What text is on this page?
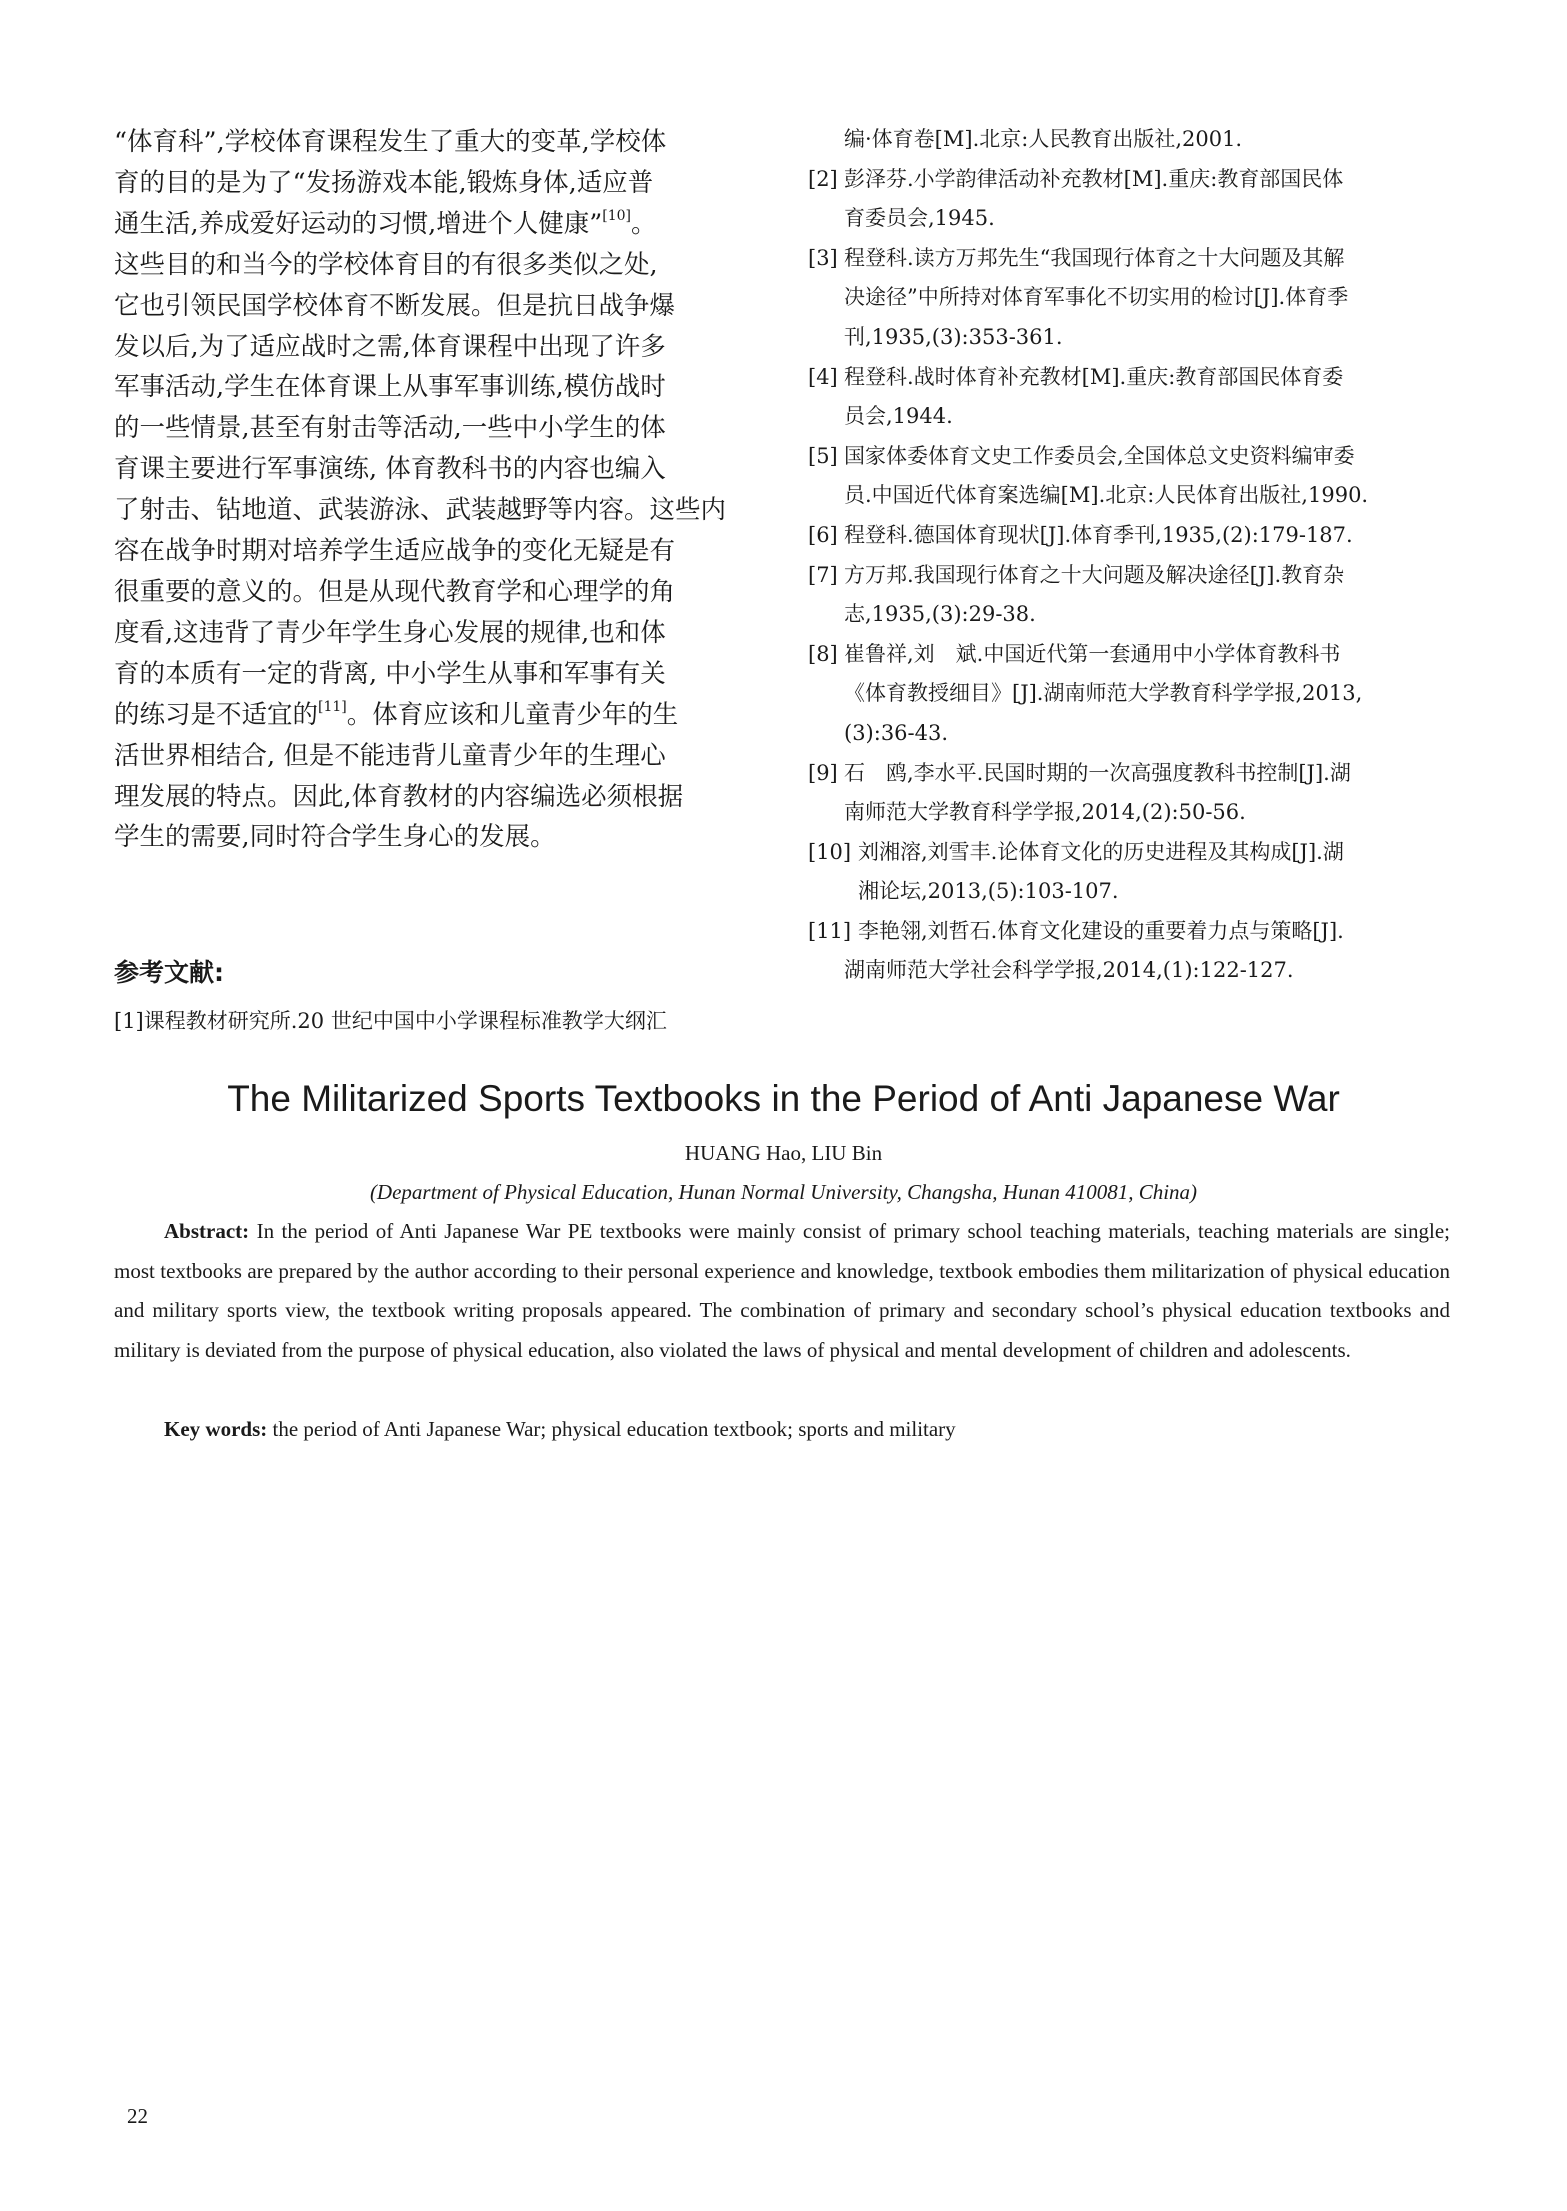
“体育科”,学校体育课程发生了重大的变革,学校体

育的目的是为了“发扬游戏本能,锻炼身体,适应普

通生活,养成爱好运动的习惯,增进个人健康”[10]。

这些目的和当今的学校体育目的有很多类似之处,

它也引领民国学校体育不断发展。但是抗日战争爆

发以后,为了适应战时之需,体育课程中出现了许多

军事活动,学生在体育课上从事军事训练,模仿战时

的一些情景,甚至有射击等活动,一些中小学生的体

育课主要进行军事演练, 体育教科书的内容也编入

了射击、钻地道、武装游泳、武装越野等内容。这些内

容在战争时期对培养学生适应战争的变化无疑是有

很重要的意义的。但是从现代教育学和心理学的角

度看,这违背了青少年学生身心发展的规律,也和体

育的本质有一定的背离, 中小学生从事和军事有关

的练习是不适宜的[11]。体育应该和儿童青少年的生

活世界相结合, 但是不能违背儿童青少年的生理心

理发展的特点。因此,体育教材的内容编选必须根据

学生的需要,同时符合学生身心的发展。

参考文献:
[1]课程教材研究所.20 世纪中国中小学课程标准教学大纲汇
编·体育卷[M].北京:人民教育出版社,2001.
[2] 彭泽芬.小学韵律活动补充教材[M].重庆:教育部国民体
育委员会,1945.
[3] 程登科.读方万邦先生“我国现行体育之十大问题及其解
决途径”中所持对体育军事化不切实用的检讨[J].体育季
刊,1935,(3):353-361.
[4] 程登科.战时体育补充教材[M].重庆:教育部国民体育委
员会,1944.
[5] 国家体委体育文史工作委员会,全国体总文史资料编审委
员.中国近代体育案选编[M].北京:人民体育出版社,1990.
[6] 程登科.德国体育现状[J].体育季刊,1935,(2):179-187.
[7] 方万邦.我国现行体育之十大问题及解决途径[J].教育杂
志,1935,(3):29-38.
[8] 崔鲁祥,刘　斌.中国近代第一套通用中小学体育教科书
《体育教授细目》[J].湖南师范大学教育科学学报,2013,
(3):36-43.
[9] 石　鸥,李水平.民国时期的一次高强度教科书控制[J].湖
南师范大学教育科学学报,2014,(2):50-56.
[10] 刘湘溶,刘雪丰.论体育文化的历史进程及其构成[J].湖
湘论坛,2013,(5):103-107.
[11] 李艳翎,刘哲石.体育文化建设的重要着力点与策略[J].
湖南师范大学社会科学学报,2014,(1):122-127.
The Militarized Sports Textbooks in the Period of Anti Japanese War
HUANG Hao, LIU Bin
(Department of Physical Education, Hunan Normal University, Changsha, Hunan 410081, China)
Abstract: In the period of Anti Japanese War PE textbooks were mainly consist of primary school teaching materials, teaching materials are single; most textbooks are prepared by the author according to their personal experience and knowledge, textbook embodies them militarization of physical education and military sports view, the textbook writing proposals appeared. The combination of primary and secondary school’s physical education textbooks and military is deviated from the purpose of physical education, also violated the laws of physical and mental development of children and adolescents.
Key words: the period of Anti Japanese War; physical education textbook; sports and military
22
